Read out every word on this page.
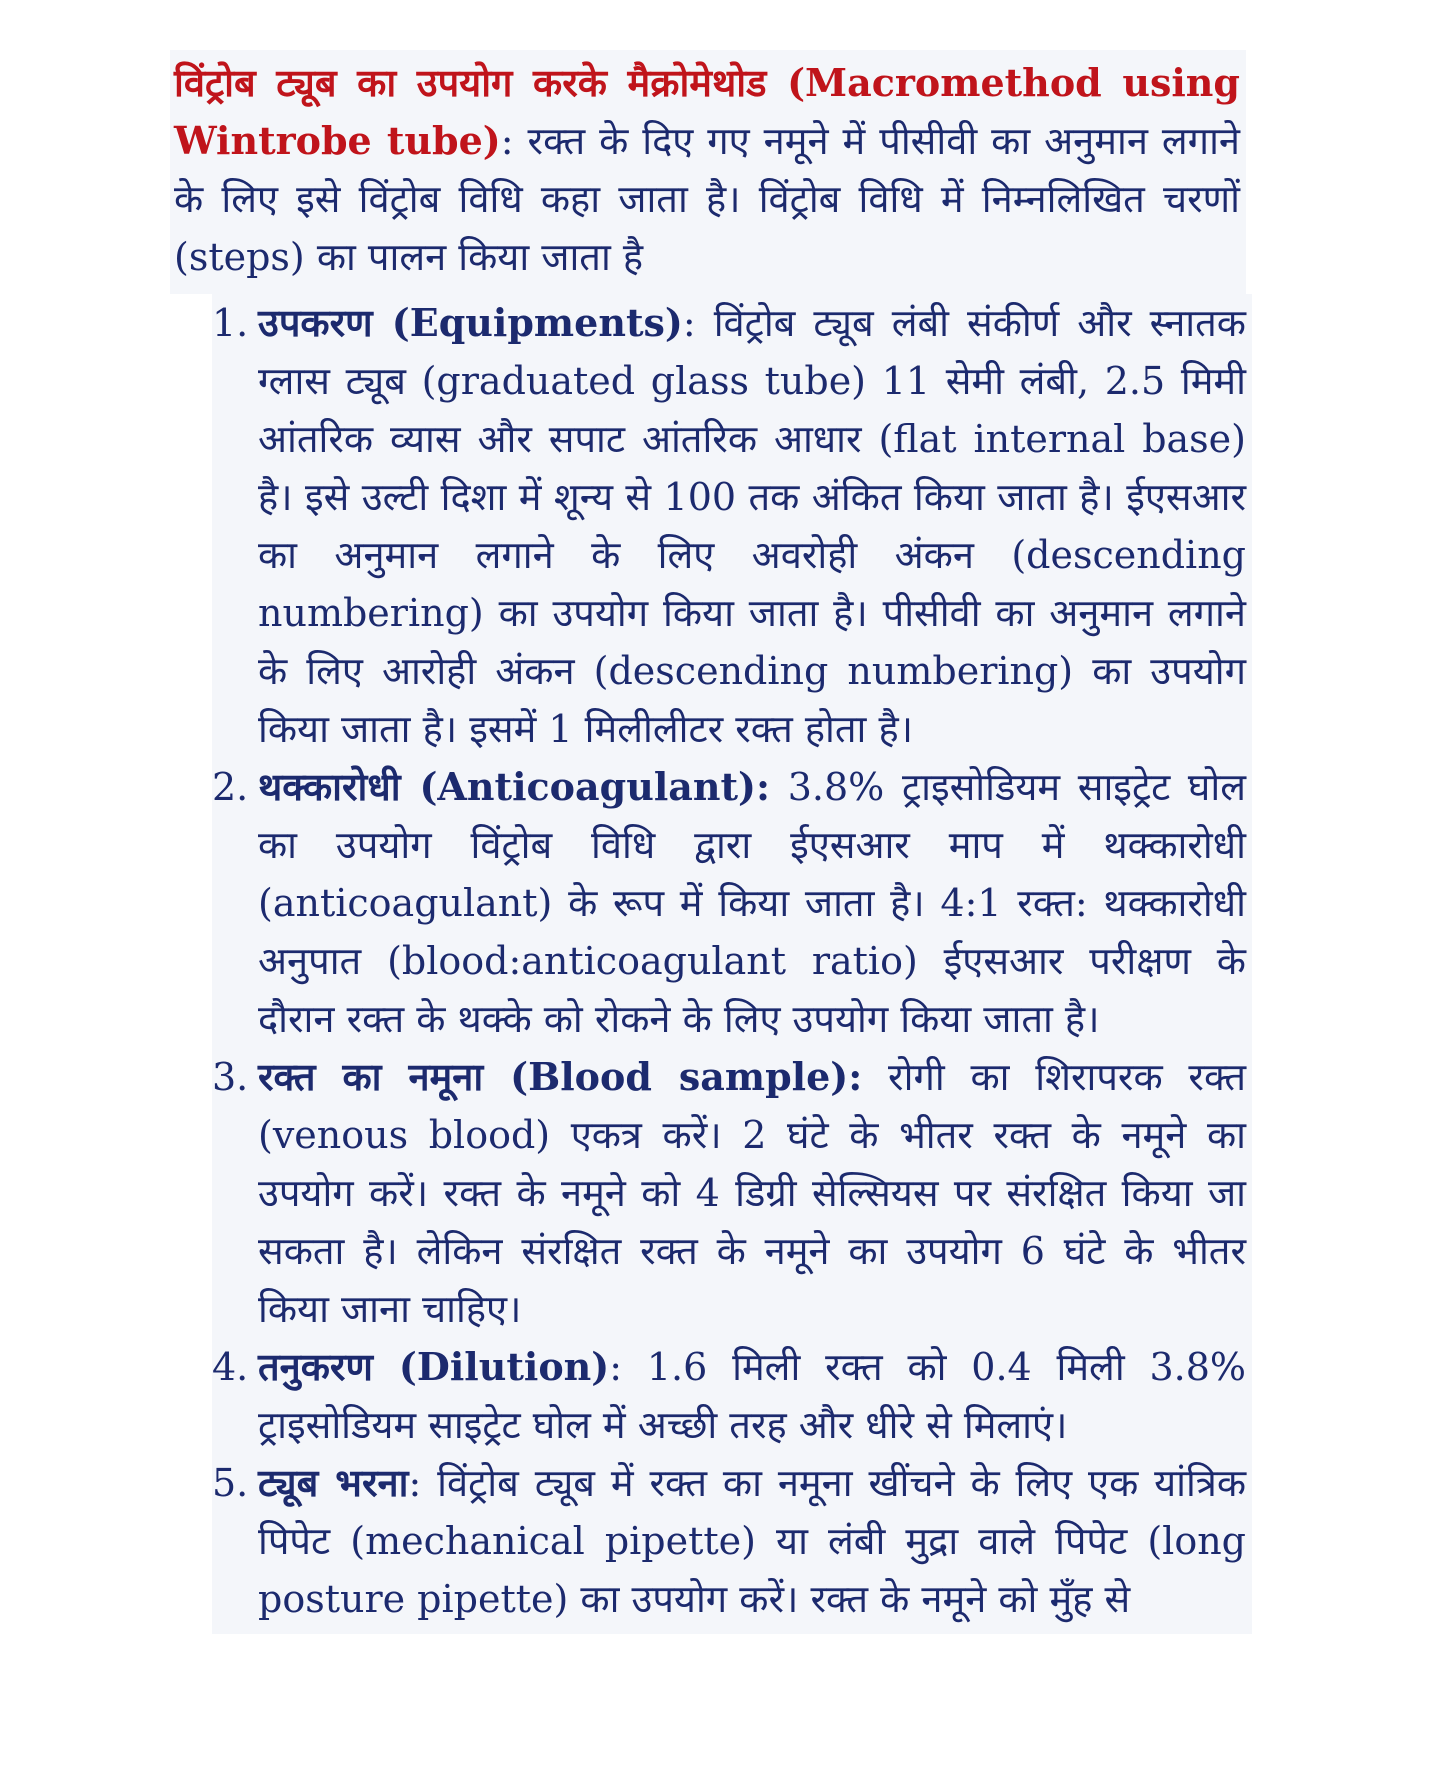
विंट्रोब ट्यूब का उपयोग करके मैक्रोमेथोड (Macromethod using Wintrobe tube): रक्त के दिए गए नमूने में पीसीवी का अनुमान लगाने के लिए इसे विंट्रोब विधि कहा जाता है। विंट्रोब विधि में निम्नलिखित चरणों (steps) का पालन किया जाता है

1. उपकरण (Equipments): विंट्रोब ट्यूब लंबी संकीर्ण और स्नातक ग्लास ट्यूब (graduated glass tube) 11 सेमी लंबी, 2.5 मिमी आंतरिक व्यास और सपाट आंतरिक आधार (flat internal base) है। इसे उल्टी दिशा में शून्य से 100 तक अंकित किया जाता है। ईएसआर का अनुमान लगाने के लिए अवरोही अंकन (descending numbering) का उपयोग किया जाता है। पीसीवी का अनुमान लगाने के लिए आरोही अंकन (descending numbering) का उपयोग किया जाता है। इसमें 1 मिलीलीटर रक्त होता है।

2. थक्कारोधी (Anticoagulant): 3.8% ट्राइसोडियम साइट्रेट घोल का उपयोग विंट्रोब विधि द्वारा ईएसआर माप में थक्कारोधी (anticoagulant) के रूप में किया जाता है। 4:1 रक्त: थक्कारोधी अनुपात (blood:anticoagulant ratio) ईएसआर परीक्षण के दौरान रक्त के थक्के को रोकने के लिए उपयोग किया जाता है।

3. रक्त का नमूना (Blood sample): रोगी का शिरापरक रक्त (venous blood) एकत्र करें। 2 घंटे के भीतर रक्त के नमूने का उपयोग करें। रक्त के नमूने को 4 डिग्री सेल्सियस पर संरक्षित किया जा सकता है। लेकिन संरक्षित रक्त के नमूने का उपयोग 6 घंटे के भीतर किया जाना चाहिए।

4. तनुकरण (Dilution): 1.6 मिली रक्त को 0.4 मिली 3.8% ट्राइसोडियम साइट्रेट घोल में अच्छी तरह और धीरे से मिलाएं।

5. ट्यूब भरना: विंट्रोब ट्यूब में रक्त का नमूना खींचने के लिए एक यांत्रिक पिपेट (mechanical pipette) या लंबी मुद्रा वाले पिपेट (long posture pipette) का उपयोग करें। रक्त के नमूने को मुँह से
